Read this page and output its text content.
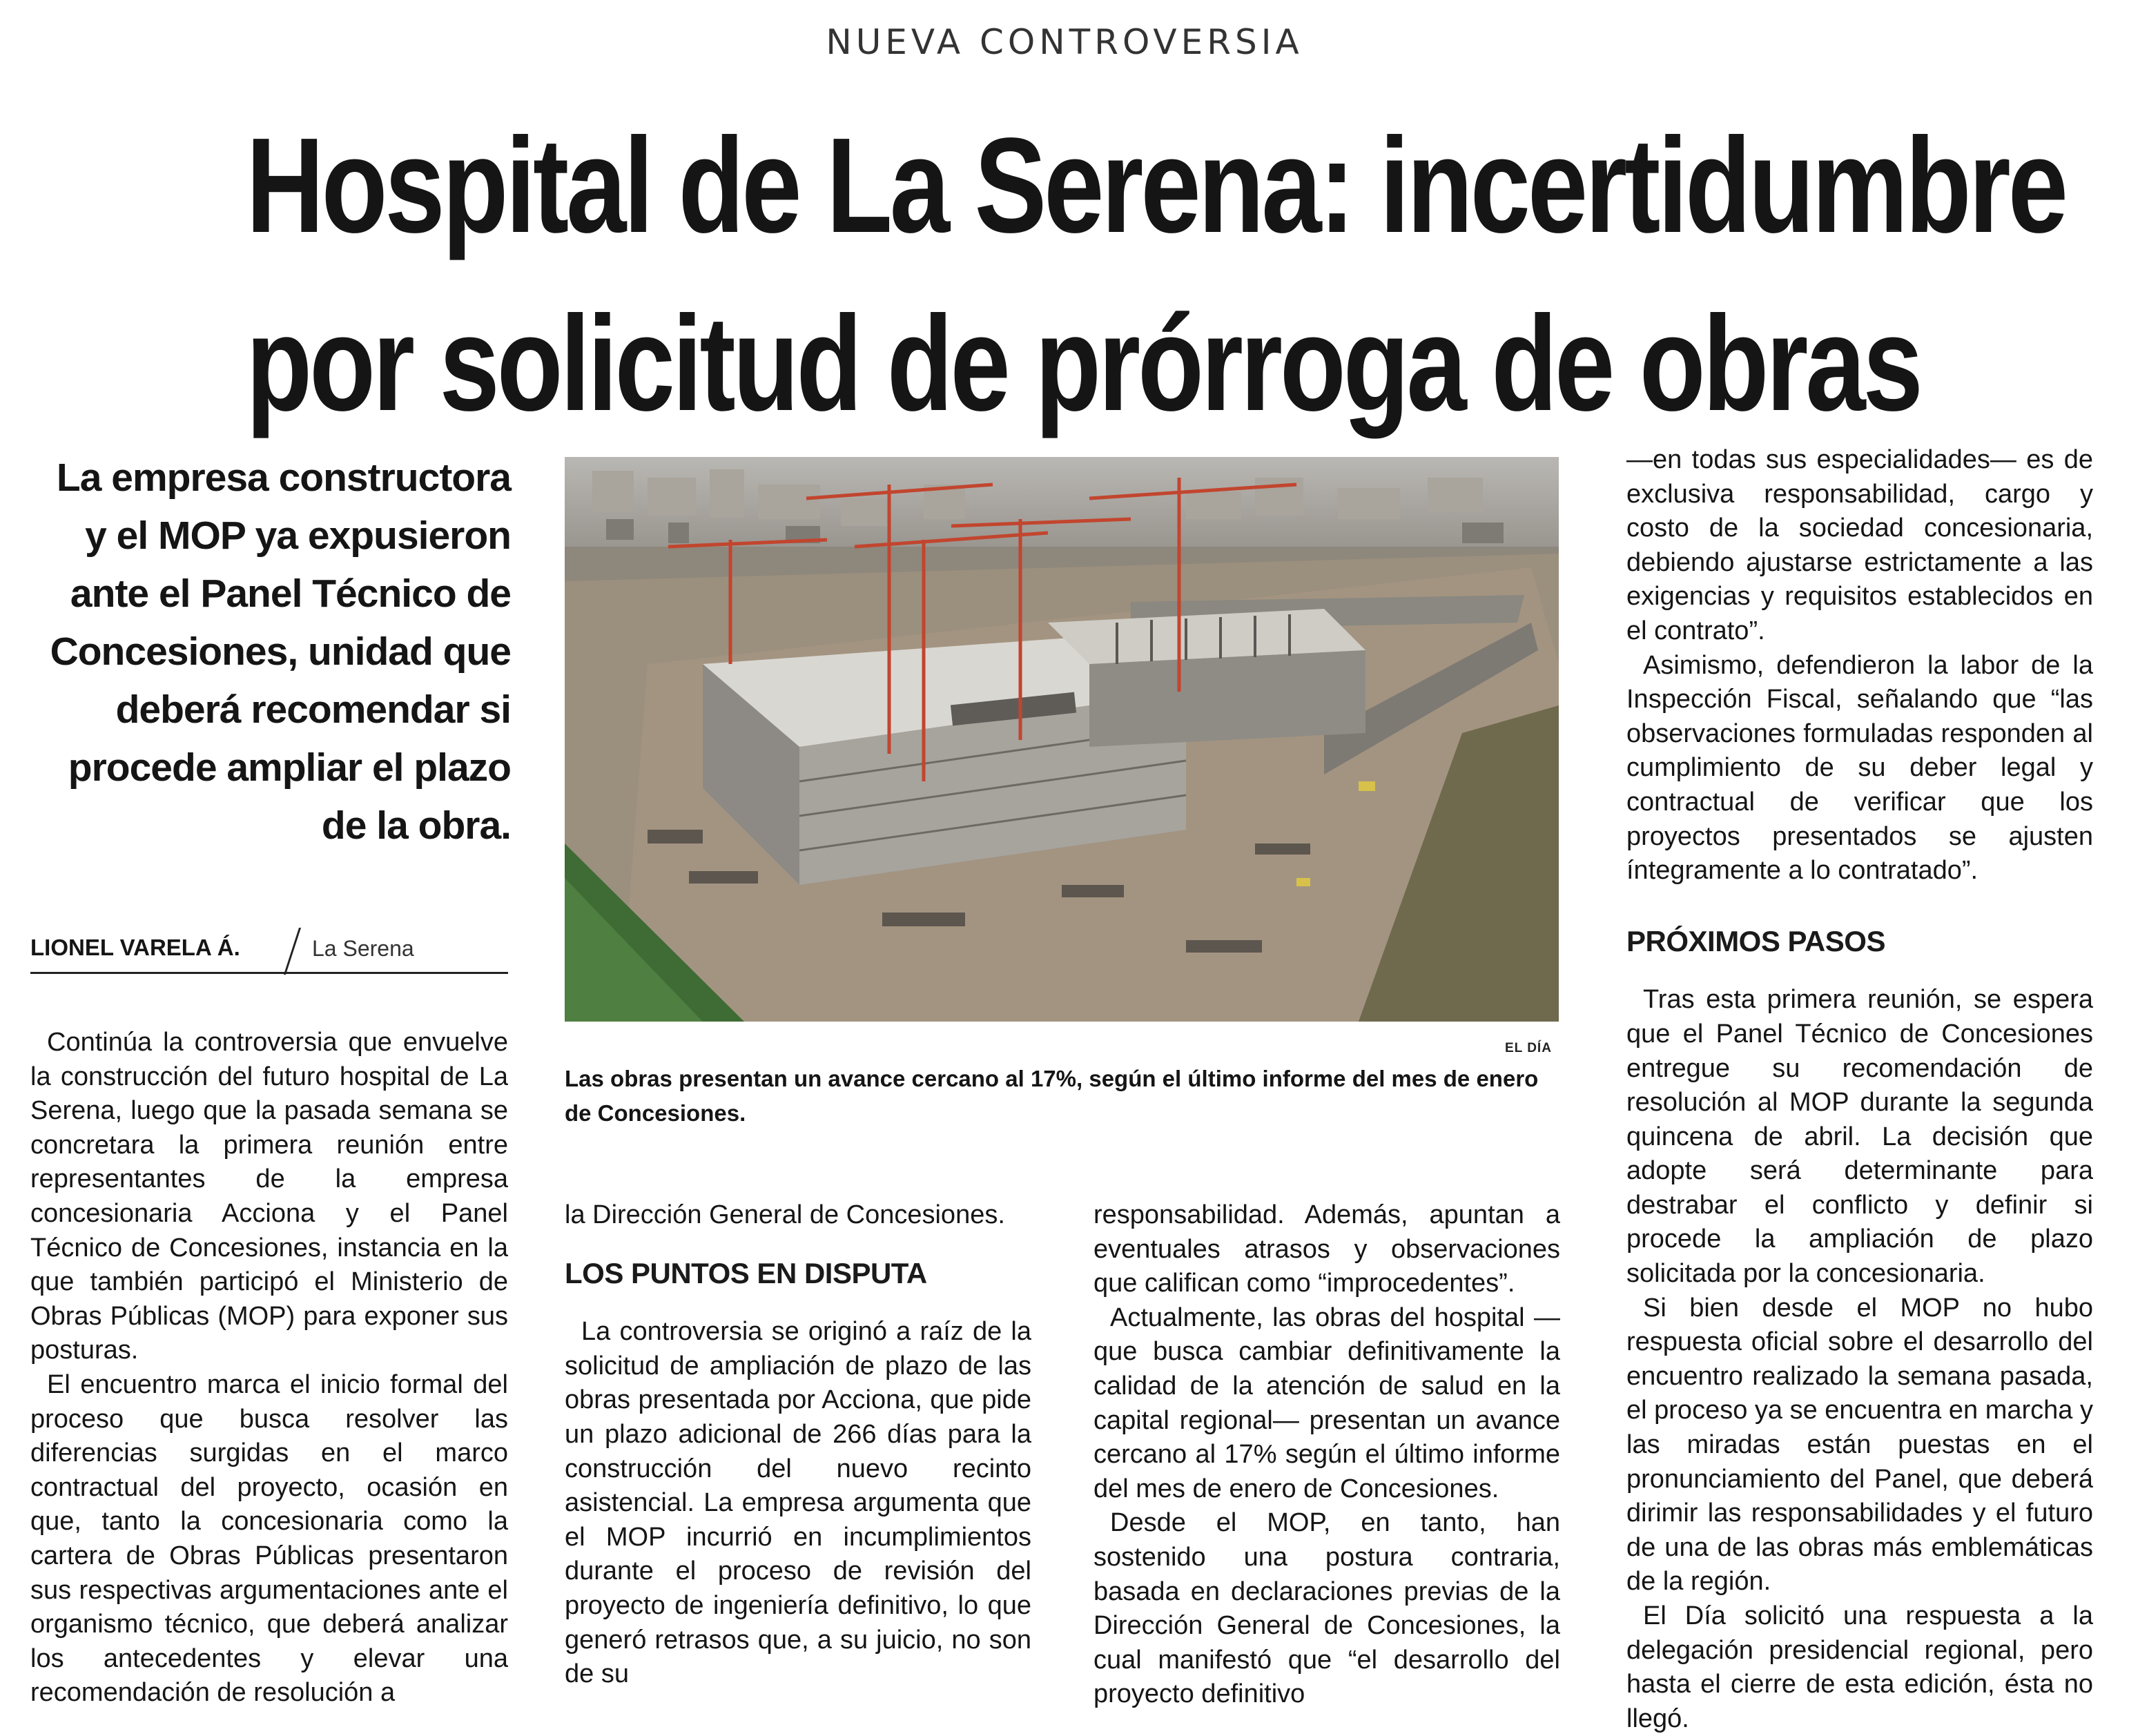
NUEVA CONTROVERSIA
Hospital de La Serena: incertidumbre
por solicitud de prórroga de obras
La empresa constructora y el MOP ya expusieron ante el Panel Técnico de Concesiones, unidad que deberá recomendar si procede ampliar el plazo de la obra.
LIONEL VARELA Á.	La Serena

Continúa la controversia que envuelve la construcción del futuro hospital de La Serena, luego que la pasada semana se concretara la primera reunión entre representantes de la empresa concesionaria Acciona y el Panel Técnico de Concesiones, instancia en la que también participó el Ministerio de Obras Públicas (MOP) para exponer sus posturas.

El encuentro marca el inicio formal del proceso que busca resolver las diferencias surgidas en el marco contractual del proyecto, ocasión en que, tanto la concesionaria como la cartera de Obras Públicas presentaron sus respectivas argumentaciones ante el organismo técnico, que deberá analizar los antecedentes y elevar una recomendación de resolución a

EL DÍA
Las obras presentan un avance cercano al 17%, según el último informe del mes de enero de Concesiones.

la Dirección General de Concesiones.

LOS PUNTOS EN DISPUTA

La controversia se originó a raíz de la solicitud de ampliación de plazo de las obras presentada por Acciona, que pide un plazo adicional de 266 días para la construcción del nuevo recinto asistencial. La empresa argumenta que el MOP incurrió en incumplimientos durante el proceso de revisión del proyecto de ingeniería definitivo, lo que generó retrasos que, a su juicio, no son de su

responsabilidad. Además, apuntan a eventuales atrasos y observaciones que califican como “improcedentes”.

Actualmente, las obras del hospital —que busca cambiar definitivamente la calidad de la atención de salud en la capital regional— presentan un avance cercano al 17% según el último informe del mes de enero de Concesiones.

Desde el MOP, en tanto, han sostenido una postura contraria, basada en declaraciones previas de la Dirección General de Concesiones, la cual manifestó que “el desarrollo del proyecto definitivo

—en todas sus especialidades— es de exclusiva responsabilidad, cargo y costo de la sociedad concesionaria, debiendo ajustarse estrictamente a las exigencias y requisitos establecidos en el contrato”.

Asimismo, defendieron la labor de la Inspección Fiscal, señalando que “las observaciones formuladas responden al cumplimiento de su deber legal y contractual de verificar que los proyectos presentados se ajusten íntegramente a lo contratado”.

PRÓXIMOS PASOS

Tras esta primera reunión, se espera que el Panel Técnico de Concesiones entregue su recomendación de resolución al MOP durante la segunda quincena de abril. La decisión que adopte será determinante para destrabar el conflicto y definir si procede la ampliación de plazo solicitada por la concesionaria.

Si bien desde el MOP no hubo respuesta oficial sobre el desarrollo del encuentro realizado la semana pasada, el proceso ya se encuentra en marcha y las miradas están puestas en el pronunciamiento del Panel, que deberá dirimir las responsabilidades y el futuro de una de las obras más emblemáticas de la región.

El Día solicitó una respuesta a la delegación presidencial regional, pero hasta el cierre de esta edición, ésta no llegó.
